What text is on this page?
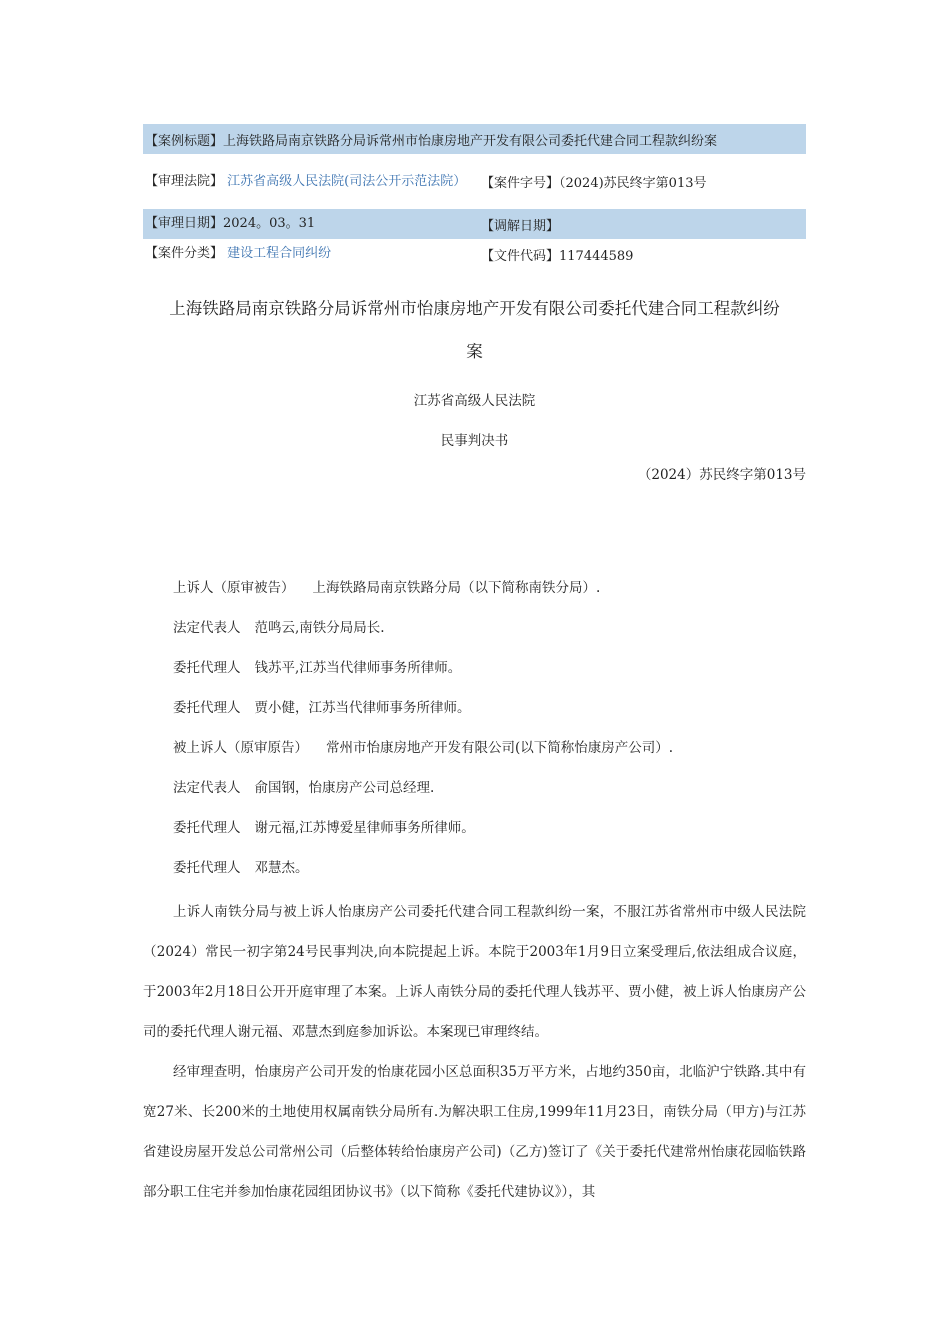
【案例标题】 上海铁路局南京铁路分局诉常州市怡康房地产开发有限公司委托代建合同工程款纠纷案
【审理法院】 江苏省高级人民法院(司法公开示范法院）	【案件字号】（2024)苏民终字第013号
【审理日期】2024。03。31	【调解日期】
【案件分类】 建设工程合同纠纷	【文件代码】117444589
上海铁路局南京铁路分局诉常州市怡康房地产开发有限公司委托代建合同工程款纠纷
案
江苏省高级人民法院
民事判决书
（2024）苏民终字第013号
上诉人（原审被告） 上海铁路局南京铁路分局（以下简称南铁分局）.
法定代表人 范鸣云,南铁分局局长.
委托代理人 钱苏平,江苏当代律师事务所律师。
委托代理人 贾小健，江苏当代律师事务所律师。
被上诉人（原审原告） 常州市怡康房地产开发有限公司(以下简称怡康房产公司）.
法定代表人 俞国钢，怡康房产公司总经理.
委托代理人 谢元福,江苏博爱星律师事务所律师。
委托代理人 邓慧杰。

上诉人南铁分局与被上诉人怡康房产公司委托代建合同工程款纠纷一案，不服江苏省常州市中级人民法院（2024）常民一初字第24号民事判决,向本院提起上诉。本院于2003年1月9日立案受理后,依法组成合议庭，于2003年2月18日公开开庭审理了本案。上诉人南铁分局的委托代理人钱苏平、贾小健，被上诉人怡康房产公司的委托代理人谢元福、邓慧杰到庭参加诉讼。本案现已审理终结。

经审理查明，怡康房产公司开发的怡康花园小区总面积35万平方米，占地约350亩，北临沪宁铁路.其中有宽27米、长200米的土地使用权属南铁分局所有.为解决职工住房,1999年11月23日，南铁分局（甲方)与江苏省建设房屋开发总公司常州公司（后整体转给怡康房产公司)（乙方)签订了《关于委托代建常州怡康花园临铁路部分职工住宅并参加怡康花园组团协议书》（以下简称《委托代建协议》），其
